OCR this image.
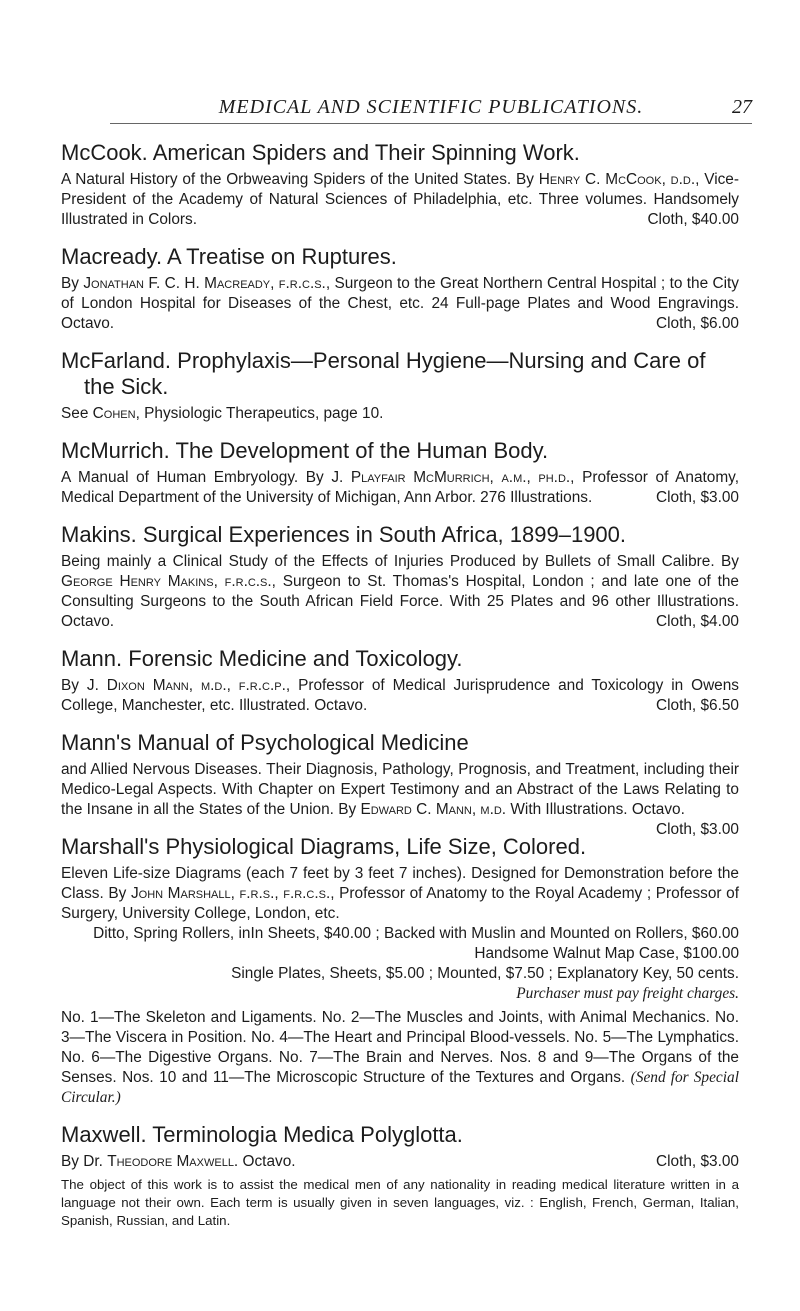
MEDICAL AND SCIENTIFIC PUBLICATIONS.	27
McCook. American Spiders and Their Spinning Work.
A Natural History of the Orbweaving Spiders of the United States. By Henry C. McCook, d.d., Vice-President of the Academy of Natural Sciences of Philadelphia, etc. Three volumes. Handsomely Illustrated in Colors.	Cloth, $40.00
Macready. A Treatise on Ruptures.
By Jonathan F. C. H. Macready, f.r.c.s., Surgeon to the Great Northern Central Hospital ; to the City of London Hospital for Diseases of the Chest, etc. 24 Full-page Plates and Wood Engravings. Octavo.	Cloth, $6.00
McFarland. Prophylaxis—Personal Hygiene—Nursing and Care of the Sick.
See Cohen, Physiologic Therapeutics, page 10.
McMurrich. The Development of the Human Body.
A Manual of Human Embryology. By J. Playfair McMurrich, a.m., ph.d., Professor of Anatomy, Medical Department of the University of Michigan, Ann Arbor. 276 Illustrations.	Cloth, $3.00
Makins. Surgical Experiences in South Africa, 1899–1900.
Being mainly a Clinical Study of the Effects of Injuries Produced by Bullets of Small Calibre. By George Henry Makins, f.r.c.s., Surgeon to St. Thomas's Hospital, London ; and late one of the Consulting Surgeons to the South African Field Force. With 25 Plates and 96 other Illustrations. Octavo.	Cloth, $4.00
Mann. Forensic Medicine and Toxicology.
By J. Dixon Mann, m.d., f.r.c.p., Professor of Medical Jurisprudence and Toxicology in Owens College, Manchester, etc. Illustrated. Octavo.	Cloth, $6.50
Mann's Manual of Psychological Medicine
and Allied Nervous Diseases. Their Diagnosis, Pathology, Prognosis, and Treatment, including their Medico-Legal Aspects. With Chapter on Expert Testimony and an Abstract of the Laws Relating to the Insane in all the States of the Union. By Edward C. Mann, m.d. With Illustrations. Octavo.
Cloth, $3.00
Marshall's Physiological Diagrams, Life Size, Colored.
Eleven Life-size Diagrams (each 7 feet by 3 feet 7 inches). Designed for Demonstration before the Class. By John Marshall, f.r.s., f.r.c.s., Professor of Anatomy to the Royal Academy ; Professor of Surgery, University College, London, etc.
In Sheets, $40.00 ; Backed with Muslin and Mounted on Rollers, $60.00
Ditto, Spring Rollers, in Handsome Walnut Map Case, $100.00
Single Plates, Sheets, $5.00 ; Mounted, $7.50 ; Explanatory Key, 50 cents.
Purchaser must pay freight charges.
No. 1—The Skeleton and Ligaments. No. 2—The Muscles and Joints, with Animal Mechanics. No. 3—The Viscera in Position. No. 4—The Heart and Principal Blood-vessels. No. 5—The Lymphatics. No. 6—The Digestive Organs. No. 7—The Brain and Nerves. Nos. 8 and 9—The Organs of the Senses. Nos. 10 and 11—The Microscopic Structure of the Textures and Organs. (Send for Special Circular.)
Maxwell. Terminologia Medica Polyglotta.
By Dr. Theodore Maxwell. Octavo.	Cloth, $3.00
The object of this work is to assist the medical men of any nationality in reading medical literature written in a language not their own. Each term is usually given in seven languages, viz. : English, French, German, Italian, Spanish, Russian, and Latin.
